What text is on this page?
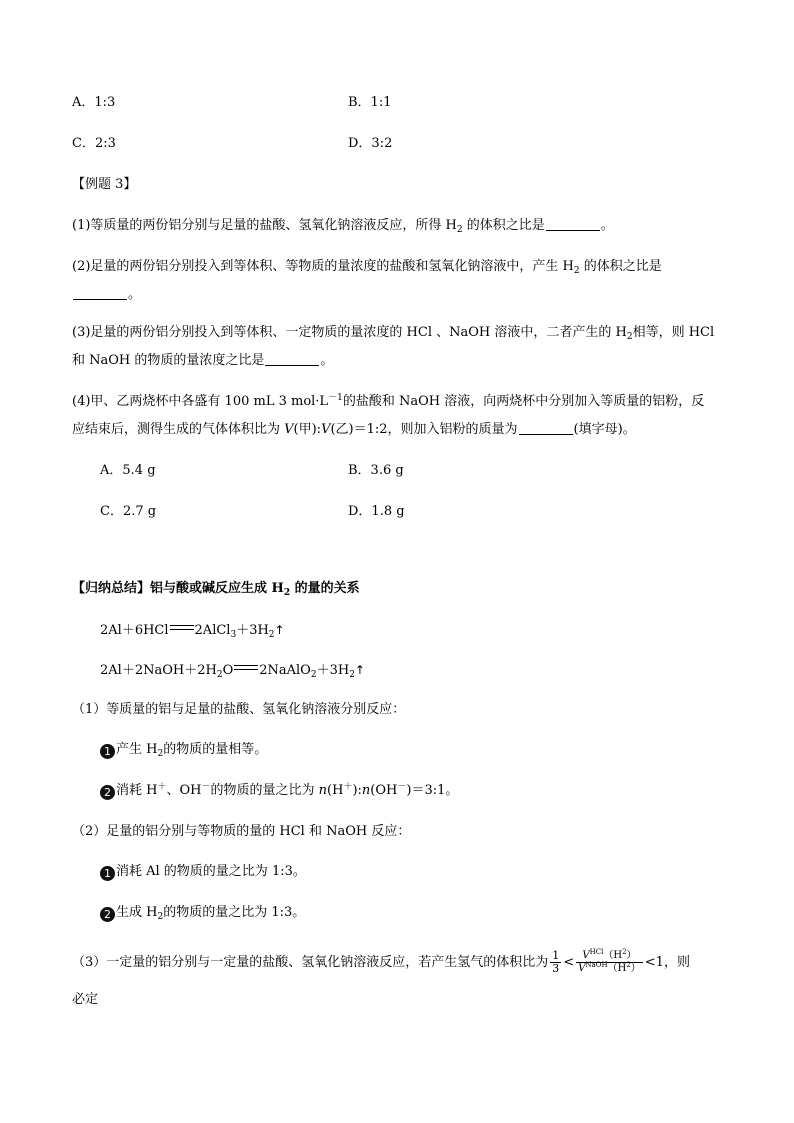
A．1:3	B．1:1
C．2:3	D．3:2
【例题 3】
(1)等质量的两份铝分别与足量的盐酸、氢氧化钠溶液反应，所得 $H_2$ 的体积之比是	。
(2)足量的两份铝分别投入到等体积、等物质的量浓度的盐酸和氢氧化钠溶液中，产生 $H_2$ 的体积之比是
。
(3)足量的两份铝分别投入到等体积、一定物质的量浓度的 HCl 、NaOH 溶液中，二者产生的 $H_2$相等，则 HCl
和 NaOH 的物质的量浓度之比是	。
(4)甲、乙两烧杯中各盛有 100 mL 3 $mol\cdot L^{-1}$的盐酸和 NaOH 溶液，向两烧杯中分别加入等质量的铝粉，反
应结束后，测得生成的气体体积比为 V(甲):V(乙)＝1:2，则加入铝粉的质量为	(填字母)。
A．5.4 g	B．3.6 g
C．2.7 g	D．1.8 g
【归纳总结】铝与酸或碱反应生成 $H_2$ 的量的关系
2Al＋6HCl $2AlCl_3+3H_2↑$
$2Al+2NaOH+2H_2O$ $2NaAlO_2+3H_2↑$
（1）等质量的铝与足量的盐酸、氢氧化钠溶液分别反应：
1 产生 $H_2$的物质的量相等。
2 消耗 H＋、OH－的物质的量之比为 n(H＋):n(OH－)＝3:1。
（2）足量的铝分别与等物质的量的 HCl 和 NaOH 反应：
1 消耗 Al 的物质的量之比为 1:3。
2 生成 $H_2$的物质的量之比为 1:3。
（3）一定量的铝分别与一定量的盐酸、氢氧化钠溶液反应，若产生氢气的体积比为 $\frac{1}{3} < \frac{V^{HCl}(H^2)}{V^{NaOH}(H^2)} <1$，则
必定
